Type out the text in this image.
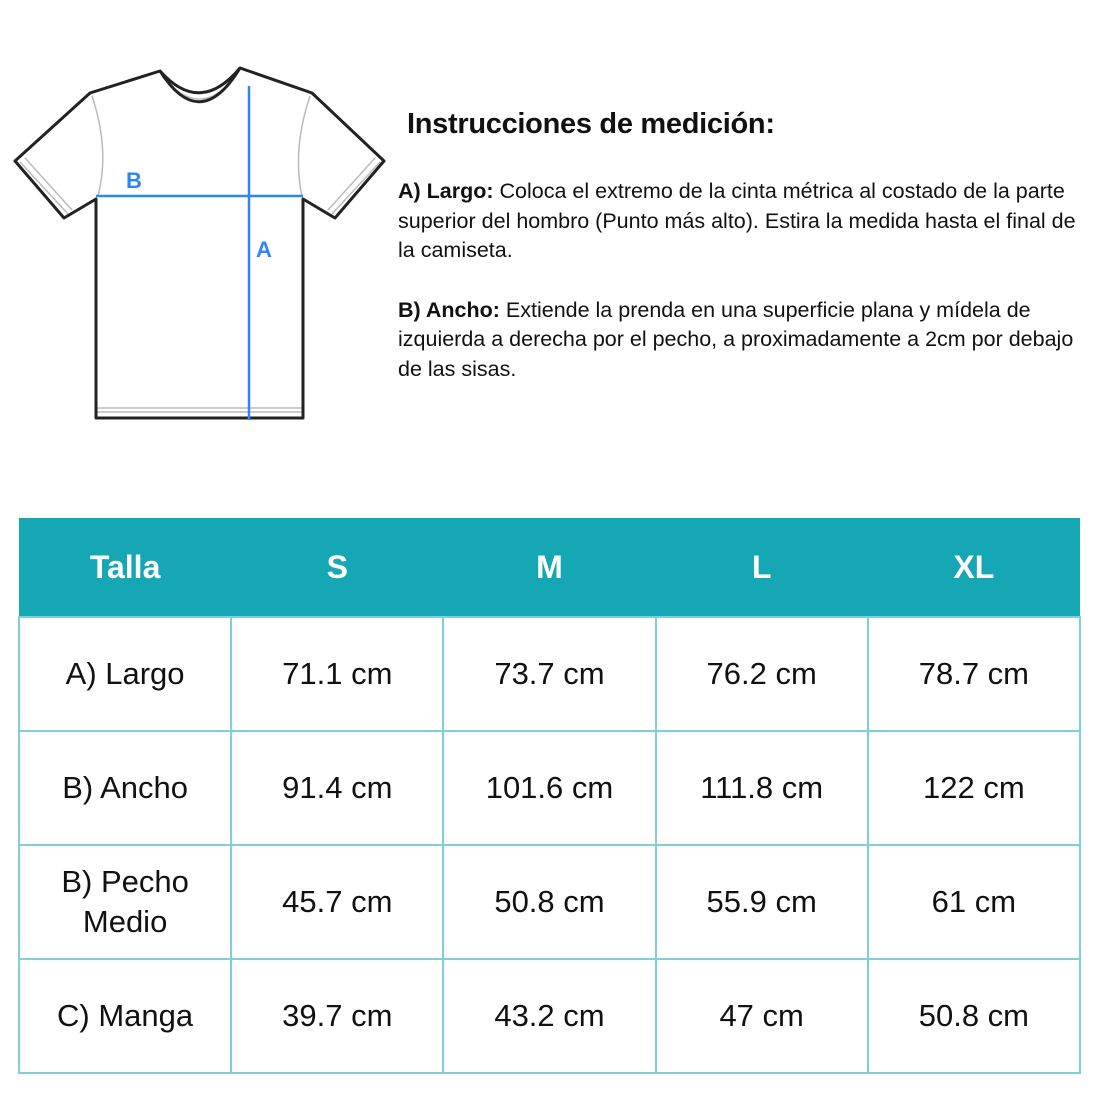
B
A
Instrucciones de medición:

A) Largo: Coloca el extremo de la cinta métrica al costado de la parte superior del hombro (Punto más alto). Estira la medida hasta el final de la camiseta.

B) Ancho: Extiende la prenda en una superficie plana y mídela de izquierda a derecha por el pecho, a proximadamente a 2cm por debajo de las sisas.

Talla	S	M	L	XL
A) Largo	71.1 cm	73.7 cm	76.2 cm	78.7 cm
B) Ancho	91.4 cm	101.6 cm	111.8 cm	122 cm
B) Pecho Medio	45.7 cm	50.8 cm	55.9 cm	61 cm
C) Manga	39.7 cm	43.2 cm	47 cm	50.8 cm
